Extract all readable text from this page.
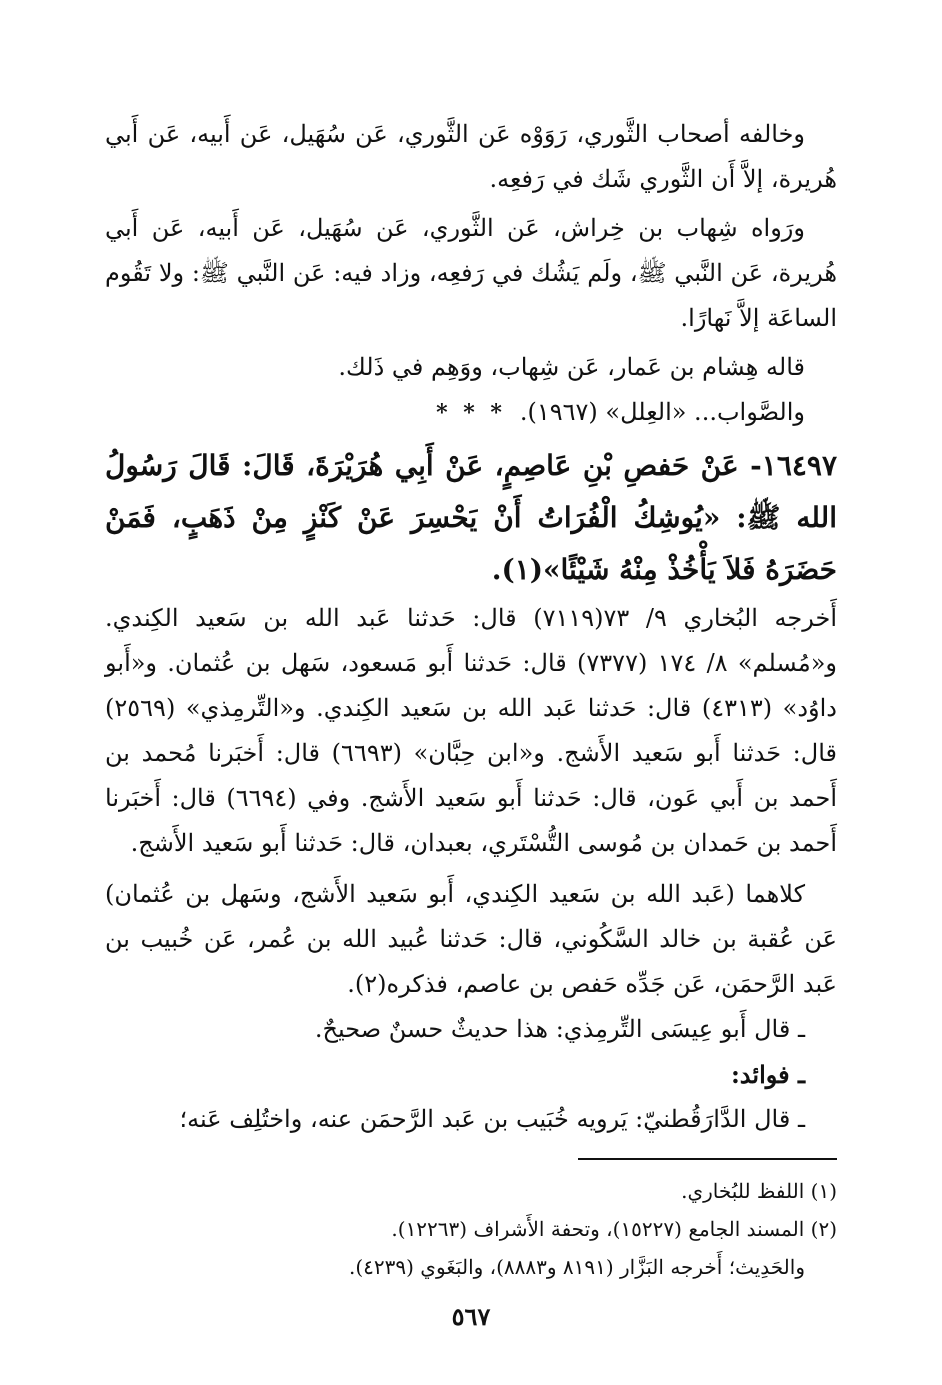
وخالفه أصحاب الثَّوري، رَوَوْه عَن الثَّوري، عَن سُهَيل، عَن أَبيه، عَن أَبي هُريرة، إلاَّ أَن الثَّوري شَك في رَفعِه.

ورَواه شِهاب بن خِراش، عَن الثَّوري، عَن سُهَيل، عَن أَبيه، عَن أَبي هُريرة، عَن النَّبي ﷺ، ولَم يَشُك في رَفعِه، وزاد فيه: عَن النَّبي ﷺ: ولا تَقُوم الساعَة إلاَّ نَهارًا.

قاله هِشام بن عَمار، عَن شِهاب، ووَهِم في ذَلك.

والصَّواب... «العِلل» (١٩٦٧).

* * *

١٦٤٩٧- عَنْ حَفصِ بْنِ عَاصِمٍ، عَنْ أَبِي هُرَيْرَةَ، قَالَ: قَالَ رَسُولُ الله ﷺ: «يُوشِكُ الْفُرَاتُ أَنْ يَحْسِرَ عَنْ كَنْزٍ مِنْ ذَهَبٍ، فَمَنْ حَضَرَهُ فَلاَ يَأْخُذْ مِنْهُ شَيْئًا»(١).

أَخرجه البُخاري ٩/ ٧٣(٧١١٩) قال: حَدثنا عَبد الله بن سَعيد الكِندي. و«مُسلم» ٨/ ١٧٤ (٧٣٧٧) قال: حَدثنا أَبو مَسعود، سَهل بن عُثمان. و«أَبو داوُد» (٤٣١٣) قال: حَدثنا عَبد الله بن سَعيد الكِندي. و«التِّرمِذي» (٢٥٦٩) قال: حَدثنا أَبو سَعيد الأَشج. و«ابن حِبَّان» (٦٦٩٣) قال: أَخبَرنا مُحمد بن أَحمد بن أَبي عَون، قال: حَدثنا أَبو سَعيد الأَشج. وفي (٦٦٩٤) قال: أَخبَرنا أَحمد بن حَمدان بن مُوسى التُّسْتَري، بعبدان، قال: حَدثنا أَبو سَعيد الأَشج.

كلاهما (عَبد الله بن سَعيد الكِندي، أَبو سَعيد الأَشج، وسَهل بن عُثمان) عَن عُقبة بن خالد السَّكُوني، قال: حَدثنا عُبيد الله بن عُمر، عَن خُبيب بن عَبد الرَّحمَن، عَن جَدِّه حَفص بن عاصم، فذكره(٢).

ـ قال أَبو عِيسَى التِّرمِذي: هذا حديثٌ حسنٌ صحيحٌ.

ـ فوائد:

ـ قال الدَّارَقُطنيّ: يَرويه خُبَيب بن عَبد الرَّحمَن عنه، واختُلِف عَنه؛

(١) اللفظ للبُخاري.

(٢) المسند الجامع (١٥٢٢٧)، وتحفة الأَشراف (١٢٢٦٣).

والحَدِيث؛ أَخرجه البَزَّار (٨١٩١ و٨٨٨٣)، والبَغَوي (٤٢٣٩).

٥٦٧
